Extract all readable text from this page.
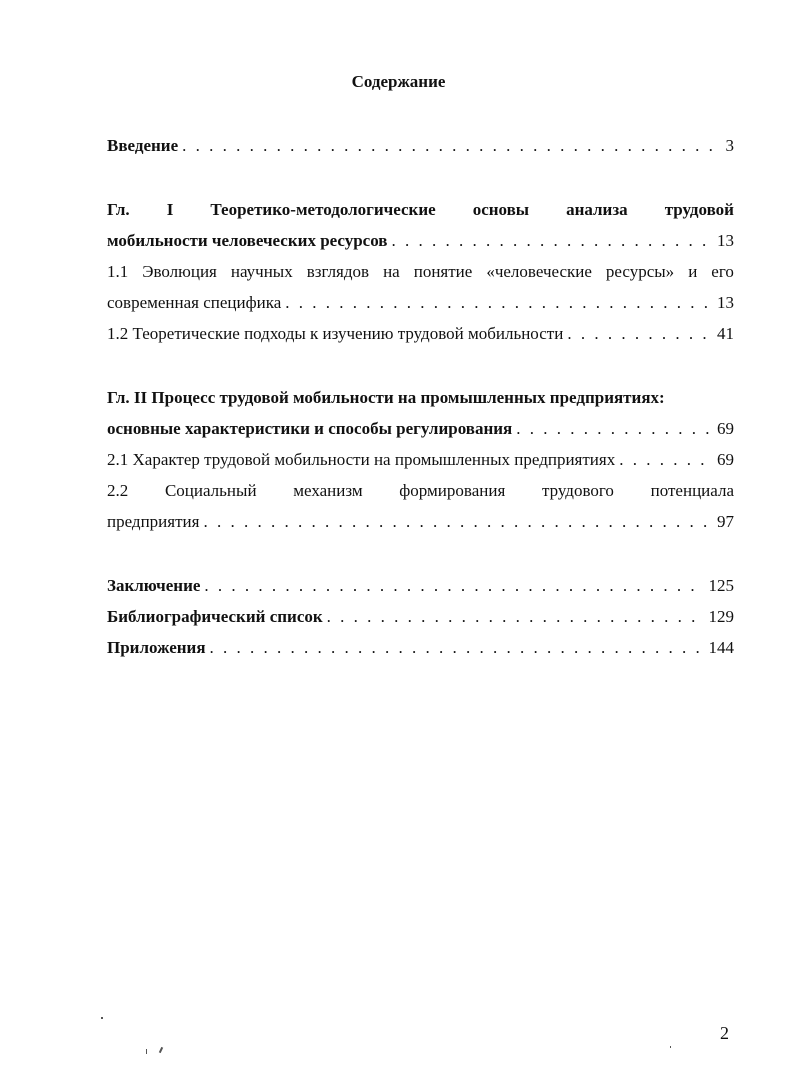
Содержание
Введение . . .	3
Гл. I Теоретико-методологические основы анализа трудовой
мобильности человеческих ресурсов . . .	13
1.1 Эволюция научных взглядов на понятие «человеческие ресурсы» и его
современная специфика . . .	13
1.2 Теоретические подходы к изучению трудовой мобильности . . .	41
Гл. II Процесс трудовой мобильности на промышленных предприятиях:
основные характеристики и способы регулирования . . .	69
2.1 Характер трудовой мобильности на промышленных предприятиях . . .	69
2.2 Социальный механизм формирования трудового потенциала
предприятия . . .	97
Заключение . . .	125
Библиографический список . . .	129
Приложения . . .	144
2
